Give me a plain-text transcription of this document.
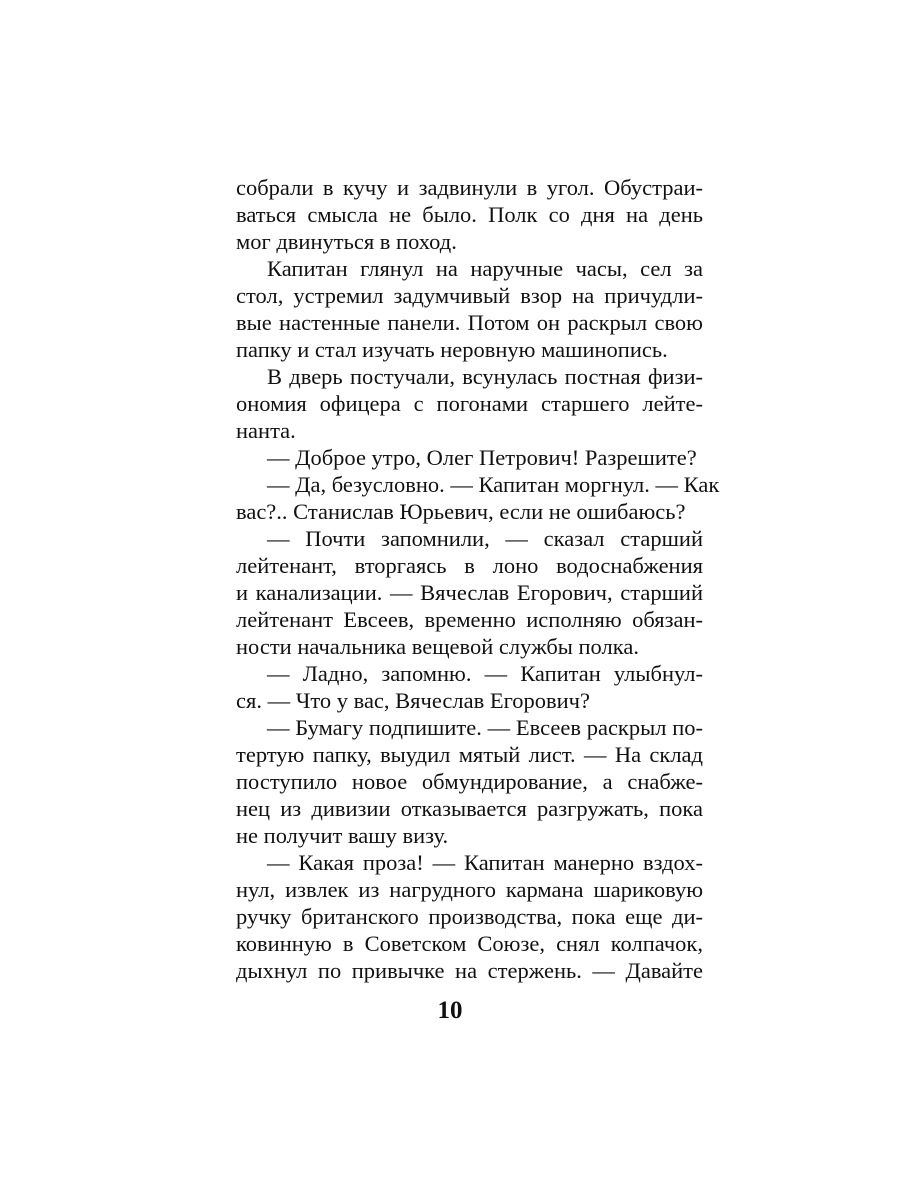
собрали в кучу и задвинули в угол. Обустраи-
ваться смысла не было. Полк со дня на день
мог двинуться в поход.
Капитан глянул на наручные часы, сел за
стол, устремил задумчивый взор на причудли-
вые настенные панели. Потом он раскрыл свою
папку и стал изучать неровную машинопись.
В дверь постучали, всунулась постная физи-
ономия офицера с погонами старшего лейте-
нанта.
— Доброе утро, Олег Петрович! Разрешите?
— Да, безусловно. — Капитан моргнул. — Как
вас?.. Станислав Юрьевич, если не ошибаюсь?
— Почти запомнили, — сказал старший
лейтенант, вторгаясь в лоно водоснабжения
и канализации. — Вячеслав Егорович, старший
лейтенант Евсеев, временно исполняю обязан-
ности начальника вещевой службы полка.
— Ладно, запомню. — Капитан улыбнул-
ся. — Что у вас, Вячеслав Егорович?
— Бумагу подпишите. — Евсеев раскрыл по-
тертую папку, выудил мятый лист. — На склад
поступило новое обмундирование, а снабже-
нец из дивизии отказывается разгружать, пока
не получит вашу визу.
— Какая проза! — Капитан манерно вздох-
нул, извлек из нагрудного кармана шариковую
ручку британского производства, пока еще ди-
ковинную в Советском Союзе, снял колпачок,
дыхнул по привычке на стержень. — Давайте
10
